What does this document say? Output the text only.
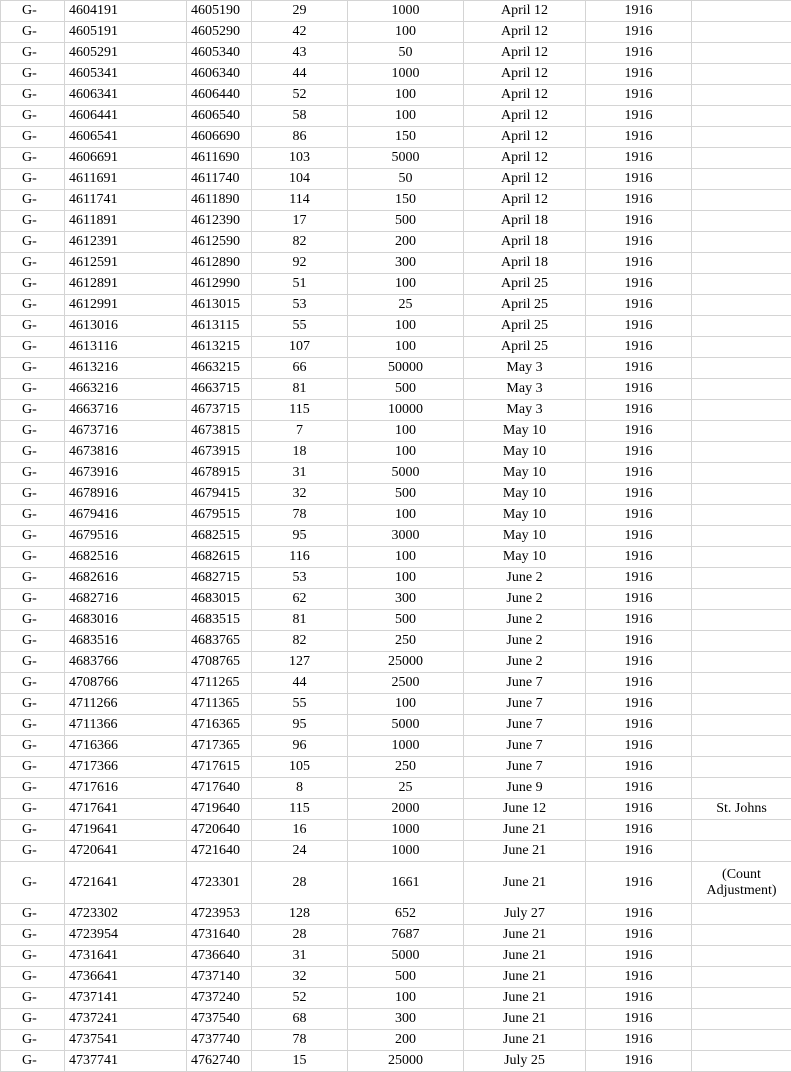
G-	4604191	4605190	29	1000	April 12	1916	
G-	4605191	4605290	42	100	April 12	1916	
G-	4605291	4605340	43	50	April 12	1916	
G-	4605341	4606340	44	1000	April 12	1916	
G-	4606341	4606440	52	100	April 12	1916	
G-	4606441	4606540	58	100	April 12	1916	
G-	4606541	4606690	86	150	April 12	1916	
G-	4606691	4611690	103	5000	April 12	1916	
G-	4611691	4611740	104	50	April 12	1916	
G-	4611741	4611890	114	150	April 12	1916	
G-	4611891	4612390	17	500	April 18	1916	
G-	4612391	4612590	82	200	April 18	1916	
G-	4612591	4612890	92	300	April 18	1916	
G-	4612891	4612990	51	100	April 25	1916	
G-	4612991	4613015	53	25	April 25	1916	
G-	4613016	4613115	55	100	April 25	1916	
G-	4613116	4613215	107	100	April 25	1916	
G-	4613216	4663215	66	50000	May 3	1916	
G-	4663216	4663715	81	500	May 3	1916	
G-	4663716	4673715	115	10000	May 3	1916	
G-	4673716	4673815	7	100	May 10	1916	
G-	4673816	4673915	18	100	May 10	1916	
G-	4673916	4678915	31	5000	May 10	1916	
G-	4678916	4679415	32	500	May 10	1916	
G-	4679416	4679515	78	100	May 10	1916	
G-	4679516	4682515	95	3000	May 10	1916	
G-	4682516	4682615	116	100	May 10	1916	
G-	4682616	4682715	53	100	June 2	1916	
G-	4682716	4683015	62	300	June 2	1916	
G-	4683016	4683515	81	500	June 2	1916	
G-	4683516	4683765	82	250	June 2	1916	
G-	4683766	4708765	127	25000	June 2	1916	
G-	4708766	4711265	44	2500	June 7	1916	
G-	4711266	4711365	55	100	June 7	1916	
G-	4711366	4716365	95	5000	June 7	1916	
G-	4716366	4717365	96	1000	June 7	1916	
G-	4717366	4717615	105	250	June 7	1916	
G-	4717616	4717640	8	25	June 9	1916	
G-	4717641	4719640	115	2000	June 12	1916	St. Johns
G-	4719641	4720640	16	1000	June 21	1916	
G-	4720641	4721640	24	1000	June 21	1916	
G-	4721641	4723301	28	1661	June 21	1916	(Count
Adjustment)

G-	4723302	4723953	128	652	July 27	1916	
G-	4723954	4731640	28	7687	June 21	1916	
G-	4731641	4736640	31	5000	June 21	1916	
G-	4736641	4737140	32	500	June 21	1916	
G-	4737141	4737240	52	100	June 21	1916	
G-	4737241	4737540	68	300	June 21	1916	
G-	4737541	4737740	78	200	June 21	1916	
G-	4737741	4762740	15	25000	July 25	1916	
